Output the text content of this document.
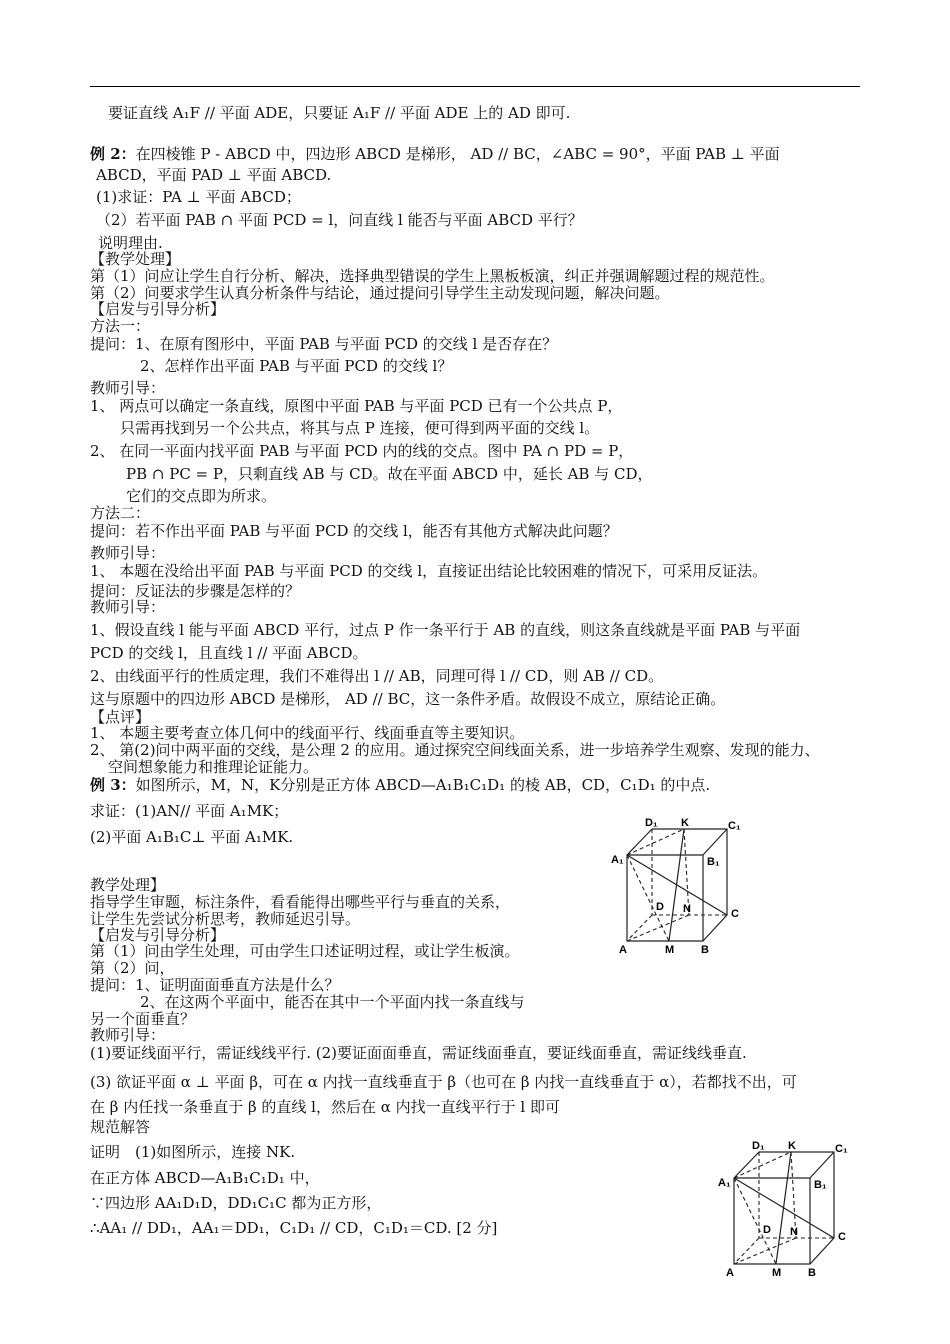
要证直线 A₁F // 平面 ADE，只要证 A₁F // 平面 ADE 上的 AD 即可.
例 2：在四棱锥 P - ABCD 中，四边形 ABCD 是梯形， AD // BC，∠ABC = 90°，平面 PAB ⊥ 平面
ABCD，平面 PAD ⊥ 平面 ABCD.
(1)求证：PA ⊥ 平面 ABCD；
（2）若平面 PAB ∩ 平面 PCD = l，问直线 l 能否与平面 ABCD 平行？
说明理由.
【教学处理】
第（1）问应让学生自行分析、解决，选择典型错误的学生上黑板板演，纠正并强调解题过程的规范性。
第（2）问要求学生认真分析条件与结论，通过提问引导学生主动发现问题，解决问题。
【启发与引导分析】
方法一：
提问：1、在原有图形中，平面 PAB 与平面 PCD 的交线 l 是否存在？
2、怎样作出平面 PAB 与平面 PCD 的交线 l？
教师引导：
1、 两点可以确定一条直线，原图中平面 PAB 与平面 PCD 已有一个公共点 P，
只需再找到另一个公共点，将其与点 P 连接，便可得到两平面的交线 l。
2、 在同一平面内找平面 PAB 与平面 PCD 内的线的交点。图中 PA ∩ PD = P，
PB ∩ PC = P，只剩直线 AB 与 CD。故在平面 ABCD 中，延长 AB 与 CD，
它们的交点即为所求。
方法二：
提问：若不作出平面 PAB 与平面 PCD 的交线 l，能否有其他方式解决此问题？
教师引导：
1、 本题在没给出平面 PAB 与平面 PCD 的交线 l，直接证出结论比较困难的情况下，可采用反证法。
提问：反证法的步骤是怎样的？
教师引导：
1、假设直线 l 能与平面 ABCD 平行，过点 P 作一条平行于 AB 的直线，则这条直线就是平面 PAB 与平面
PCD 的交线 l，且直线 l // 平面 ABCD。
2、由线面平行的性质定理，我们不难得出 l // AB，同理可得 l // CD，则 AB // CD。
这与原题中的四边形 ABCD 是梯形， AD // BC，这一条件矛盾。故假设不成立，原结论正确。
【点评】
1、 本题主要考查立体几何中的线面平行、线面垂直等主要知识。
2、 第(2)问中两平面的交线，是公理 2 的应用。通过探究空间线面关系，进一步培养学生观察、发现的能力、
空间想象能力和推理论证能力。
例 3：如图所示，M，N，K分别是正方体 ABCD—A₁B₁C₁D₁ 的棱 AB，CD，C₁D₁ 的中点.
求证：(1)AN// 平面 A₁MK；
(2)平面 A₁B₁C⊥ 平面 A₁MK.
教学处理】
指导学生审题，标注条件，看看能得出哪些平行与垂直的关系，
让学生先尝试分析思考，教师延迟引导。
【启发与引导分析】
第（1）问由学生处理，可由学生口述证明过程，或让学生板演。
第（2）问，
提问：1、证明面面垂直方法是什么？
2、在这两个平面中，能否在其中一个平面内找一条直线与
另一个面垂直？
教师引导：
(1)要证线面平行，需证线线平行. (2)要证面面垂直，需证线面垂直，要证线面垂直，需证线线垂直.
(3) 欲证平面 α ⊥ 平面 β，可在 α 内找一直线垂直于 β（也可在 β 内找一直线垂直于 α），若都找不出，可
在 β 内任找一条垂直于 β 的直线 l，然后在 α 内找一直线平行于 l 即可
规范解答
证明　(1)如图所示，连接 NK.
在正方体 ABCD—A₁B₁C₁D₁ 中，
∵四边形 AA₁D₁D，DD₁C₁C 都为正方形，
∴AA₁ // DD₁，AA₁＝DD₁，C₁D₁ // CD，C₁D₁＝CD. [2 分]
D₁ K	C₁
A₁	B₁
D N	C
A	M B
D₁ K	C₁
A₁	B₁
D N	C
A	M B
